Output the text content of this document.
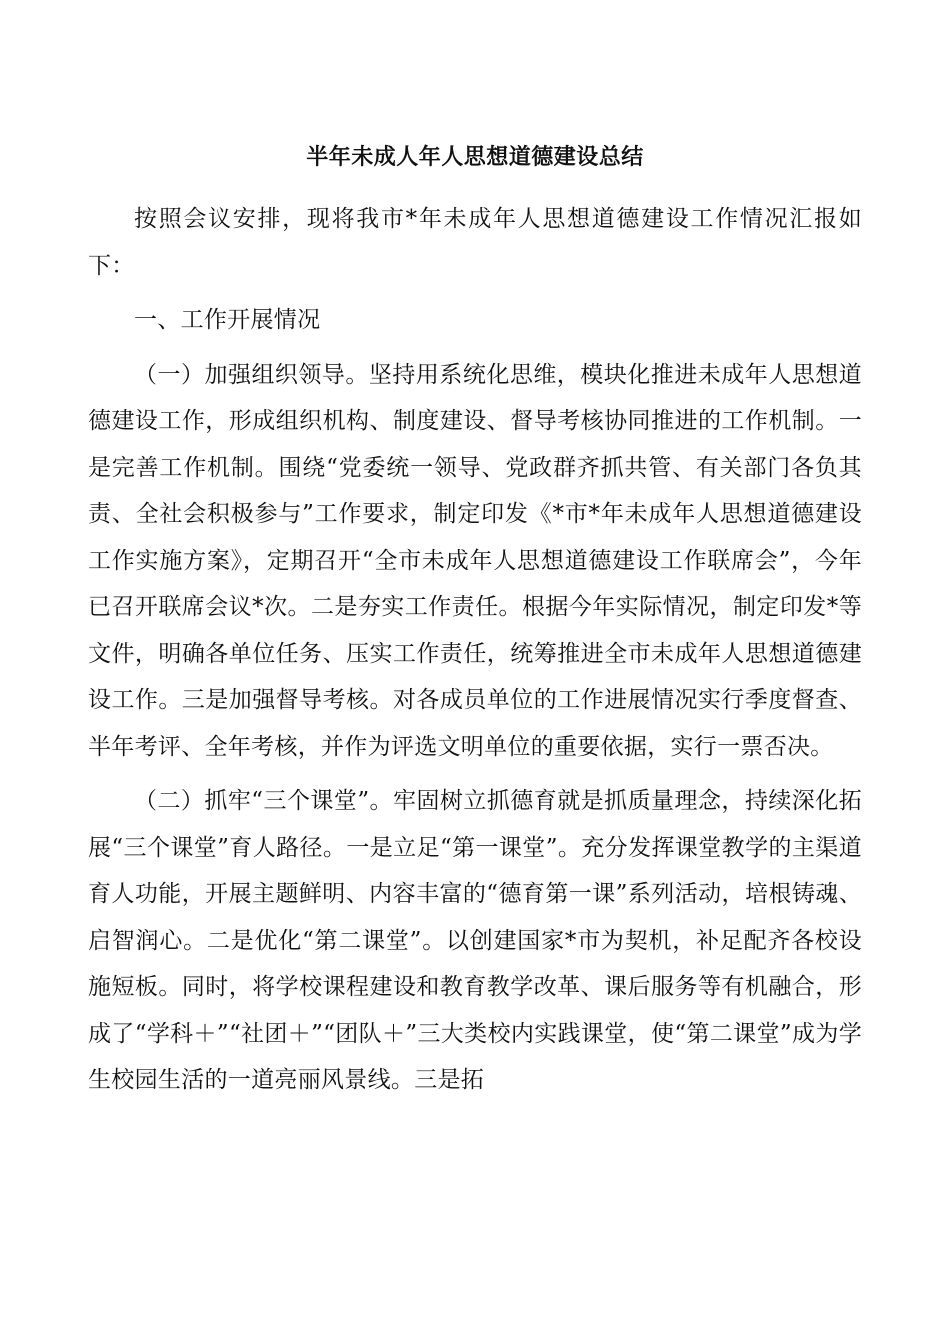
半年未成人年人思想道德建设总结

按照会议安排，现将我市*年未成年人思想道德建设工作情况汇报如下：

一、工作开展情况

（一）加强组织领导。坚持用系统化思维，模块化推进未成年人思想道德建设工作，形成组织机构、制度建设、督导考核协同推进的工作机制。一是完善工作机制。围绕“党委统一领导、党政群齐抓共管、有关部门各负其责、全社会积极参与”工作要求，制定印发《*市*年未成年人思想道德建设工作实施方案》，定期召开“全市未成年人思想道德建设工作联席会”，今年已召开联席会议*次。二是夯实工作责任。根据今年实际情况，制定印发*等文件，明确各单位任务、压实工作责任，统筹推进全市未成年人思想道德建设工作。三是加强督导考核。对各成员单位的工作进展情况实行季度督查、半年考评、全年考核，并作为评选文明单位的重要依据，实行一票否决。

（二）抓牢“三个课堂”。牢固树立抓德育就是抓质量理念，持续深化拓展“三个课堂”育人路径。一是立足“第一课堂”。充分发挥课堂教学的主渠道育人功能，开展主题鲜明、内容丰富的“德育第一课”系列活动，培根铸魂、启智润心。二是优化“第二课堂”。以创建国家*市为契机，补足配齐各校设施短板。同时，将学校课程建设和教育教学改革、课后服务等有机融合，形成了“学科＋”“社团＋”“团队＋”三大类校内实践课堂，使“第二课堂”成为学生校园生活的一道亮丽风景线。三是拓
